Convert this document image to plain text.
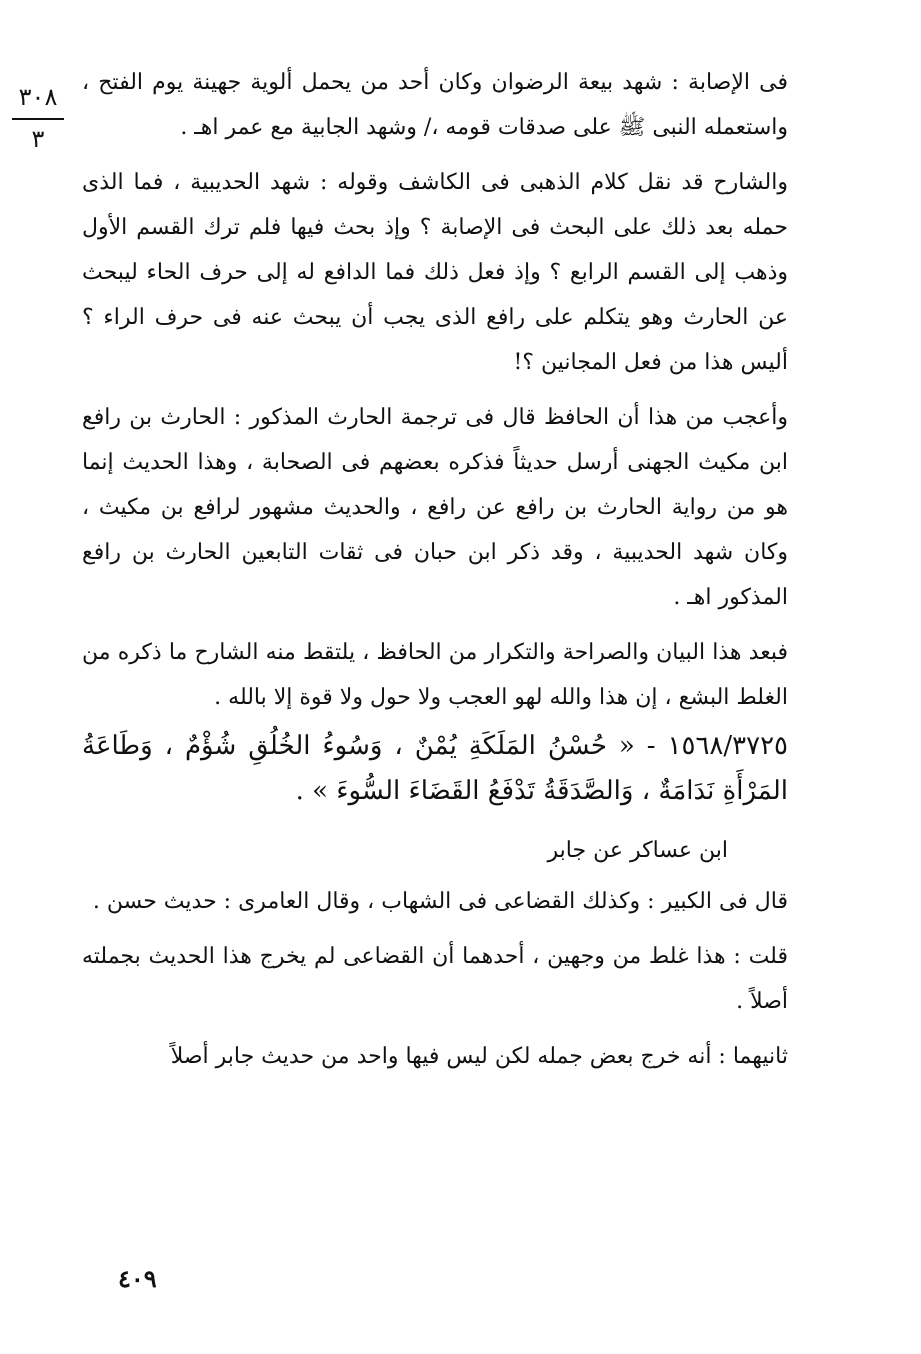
٣٠٨
٣

فى الإصابة : شهد بيعة الرضوان وكان أحد من يحمل ألوية جهينة يوم الفتح ، واستعمله النبى ﷺ على صدقات قومه ،/ وشهد الجابية مع عمر اهـ .

والشارح قد نقل كلام الذهبى فى الكاشف وقوله : شهد الحديبية ، فما الذى حمله بعد ذلك على البحث فى الإصابة ؟ وإذ بحث فيها فلم ترك القسم الأول وذهب إلى القسم الرابع ؟ وإذ فعل ذلك فما الدافع له إلى حرف الحاء ليبحث عن الحارث وهو يتكلم على رافع الذى يجب أن يبحث عنه فى حرف الراء ؟ أليس هذا من فعل المجانين ؟!

وأعجب من هذا أن الحافظ قال فى ترجمة الحارث المذكور : الحارث بن رافع ابن مكيث الجهنى أرسل حديثاً فذكره بعضهم فى الصحابة ، وهذا الحديث إنما هو من رواية الحارث بن رافع عن رافع ، والحديث مشهور لرافع بن مكيث ، وكان شهد الحديبية ، وقد ذكر ابن حبان فى ثقات التابعين الحارث بن رافع المذكور اهـ .

فبعد هذا البيان والصراحة والتكرار من الحافظ ، يلتقط منه الشارح ما ذكره من الغلط البشع ، إن هذا والله لهو العجب ولا حول ولا قوة إلا بالله .

١٥٦٨/٣٧٢٥ - « حُسْنُ المَلَكَةِ يُمْنٌ ، وَسُوءُ الخُلُقِ شُؤْمٌ ، وَطَاعَةُ المَرْأَةِ نَدَامَةٌ ، وَالصَّدَقَةُ تَدْفَعُ القَضَاءَ السُّوءَ » .

ابن عساكر عن جابر

قال فى الكبير : وكذلك القضاعى فى الشهاب ، وقال العامرى : حديث حسن .

قلت : هذا غلط من وجهين ، أحدهما أن القضاعى لم يخرج هذا الحديث بجملته أصلاً .

ثانيهما : أنه خرج بعض جمله لكن ليس فيها واحد من حديث جابر أصلاً

٤٠٩
